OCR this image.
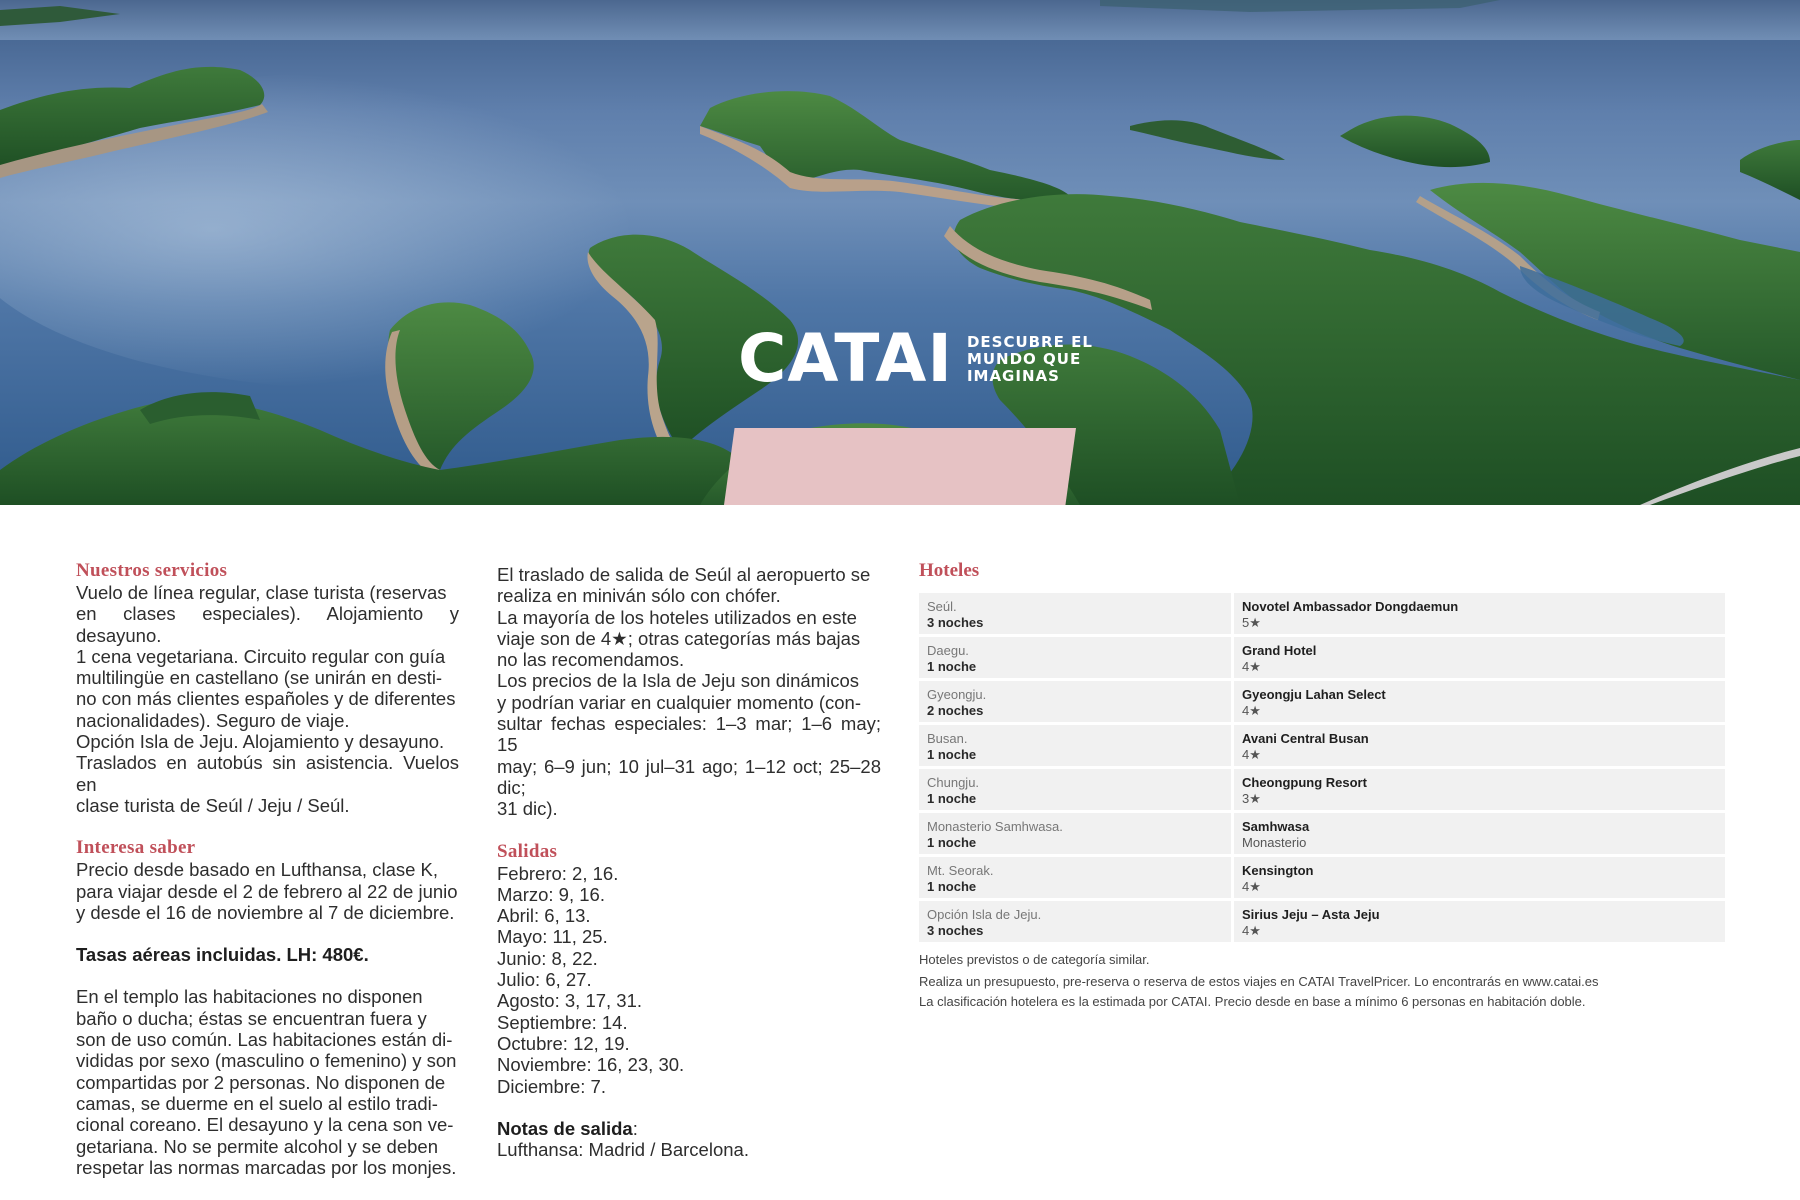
CATAI DESCUBRE EL
MUNDO QUE
IMAGINAS
Nuestros servicios

Vuelo de línea regular, clase turista (reservas

en clases especiales). Alojamiento y desayuno.

1 cena vegetariana. Circuito regular con guía

multilingüe en castellano (se unirán en desti-

no con más clientes españoles y de diferentes

nacionalidades). Seguro de viaje.

Opción Isla de Jeju. Alojamiento y desayuno.

Traslados en autobús sin asistencia. Vuelos en

clase turista de Seúl / Jeju / Seúl.

Interesa saber

Precio desde basado en Lufthansa, clase K,

para viajar desde el 2 de febrero al 22 de junio

y desde el 16 de noviembre al 7 de diciembre.

Tasas aéreas incluidas. LH: 480€.

En el templo las habitaciones no disponen

baño o ducha; éstas se encuentran fuera y

son de uso común. Las habitaciones están di-

vididas por sexo (masculino o femenino) y son

compartidas por 2 personas. No disponen de

camas, se duerme en el suelo al estilo tradi-

cional coreano. El desayuno y la cena son ve-

getariana. No se permite alcohol y se deben

respetar las normas marcadas por los monjes.

El traslado de salida de Seúl al aeropuerto se

realiza en miniván sólo con chófer.

La mayoría de los hoteles utilizados en este

viaje son de 4★; otras categorías más bajas

no las recomendamos.

Los precios de la Isla de Jeju son dinámicos

y podrían variar en cualquier momento (con-

sultar fechas especiales: 1–3 mar; 1–6 may; 15

may; 6–9 jun; 10 jul–31 ago; 1–12 oct; 25–28 dic;

31 dic).

Salidas

Febrero: 2, 16.

Marzo: 9, 16.

Abril: 6, 13.

Mayo: 11, 25.

Junio: 8, 22.

Julio: 6, 27.

Agosto: 3, 17, 31.

Septiembre: 14.

Octubre: 12, 19.

Noviembre: 16, 23, 30.

Diciembre: 7.

Notas de salida:

Lufthansa: Madrid / Barcelona.

Hoteles
Seúl.
3 noches
Novotel Ambassador Dongdaemun
5★
Daegu.
1 noche
Grand Hotel
4★
Gyeongju.
2 noches
Gyeongju Lahan Select
4★
Busan.
1 noche
Avani Central Busan
4★
Chungju.
1 noche
Cheongpung Resort
3★
Monasterio Samhwasa.
1 noche
Samhwasa
Monasterio
Mt. Seorak.
1 noche
Kensington
4★
Opción Isla de Jeju.
3 noches
Sirius Jeju – Asta Jeju
4★
Hoteles previstos o de categoría similar.
Realiza un presupuesto, pre-reserva o reserva de estos viajes en CATAI TravelPricer. Lo encontrarás en www.catai.es
La clasificación hotelera es la estimada por CATAI. Precio desde en base a mínimo 6 personas en habitación doble.
